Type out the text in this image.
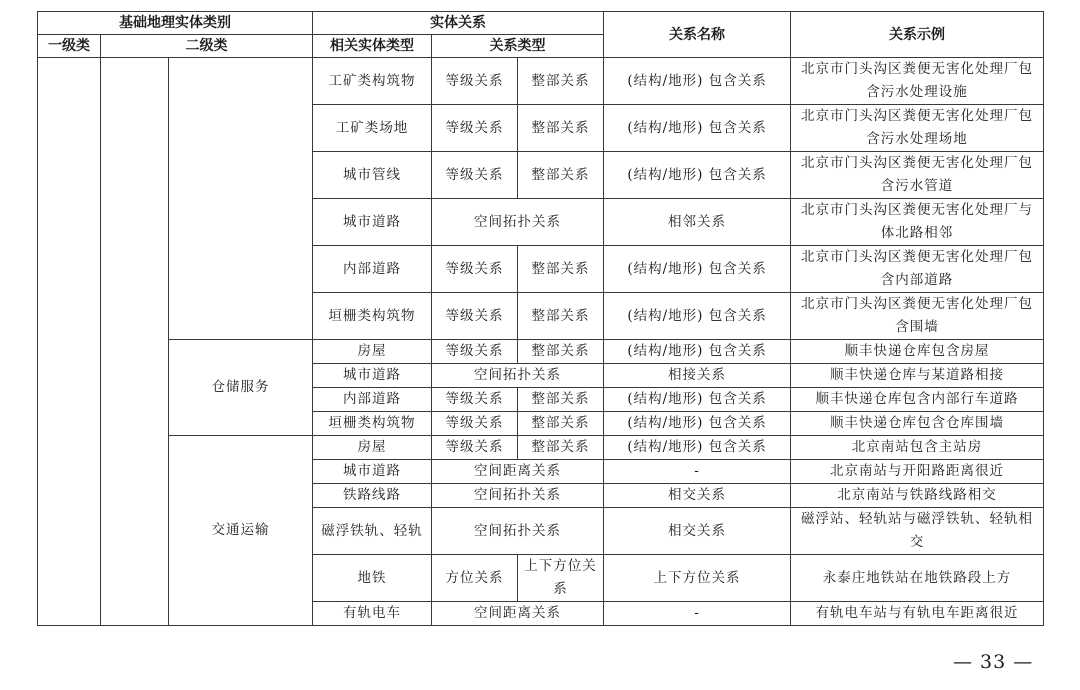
基础地理实体类别			实体关系			关系名称	关系示例
一级类	二级类		相关实体类型	关系类型			
			工矿类构筑物	等级关系	整部关系	(结构/地形) 包含关系	北京市门头沟区粪便无害化处理厂包含污水处理设施
			工矿类场地	等级关系	整部关系	(结构/地形) 包含关系	北京市门头沟区粪便无害化处理厂包含污水处理场地
			城市管线	等级关系	整部关系	(结构/地形) 包含关系	北京市门头沟区粪便无害化处理厂包含污水管道
			城市道路	空间拓扑关系		相邻关系	北京市门头沟区粪便无害化处理厂与体北路相邻
			内部道路	等级关系	整部关系	(结构/地形) 包含关系	北京市门头沟区粪便无害化处理厂包含内部道路
			垣栅类构筑物	等级关系	整部关系	(结构/地形) 包含关系	北京市门头沟区粪便无害化处理厂包含围墙
		仓储服务	房屋	等级关系	整部关系	(结构/地形) 包含关系	顺丰快递仓库包含房屋
			城市道路	空间拓扑关系		相接关系	顺丰快递仓库与某道路相接
			内部道路	等级关系	整部关系	(结构/地形) 包含关系	顺丰快递仓库包含内部行车道路
			垣栅类构筑物	等级关系	整部关系	(结构/地形) 包含关系	顺丰快递仓库包含仓库围墙
		交通运输	房屋	等级关系	整部关系	(结构/地形) 包含关系	北京南站包含主站房
			城市道路	空间距离关系		-	北京南站与开阳路距离很近
			铁路线路	空间拓扑关系		相交关系	北京南站与铁路线路相交
			磁浮铁轨、轻轨	空间拓扑关系		相交关系	磁浮站、轻轨站与磁浮铁轨、轻轨相交
			地铁	方位关系	上下方位关系	上下方位关系	永泰庄地铁站在地铁路段上方
			有轨电车	空间距离关系		-	有轨电车站与有轨电车距离很近
— 33 —
